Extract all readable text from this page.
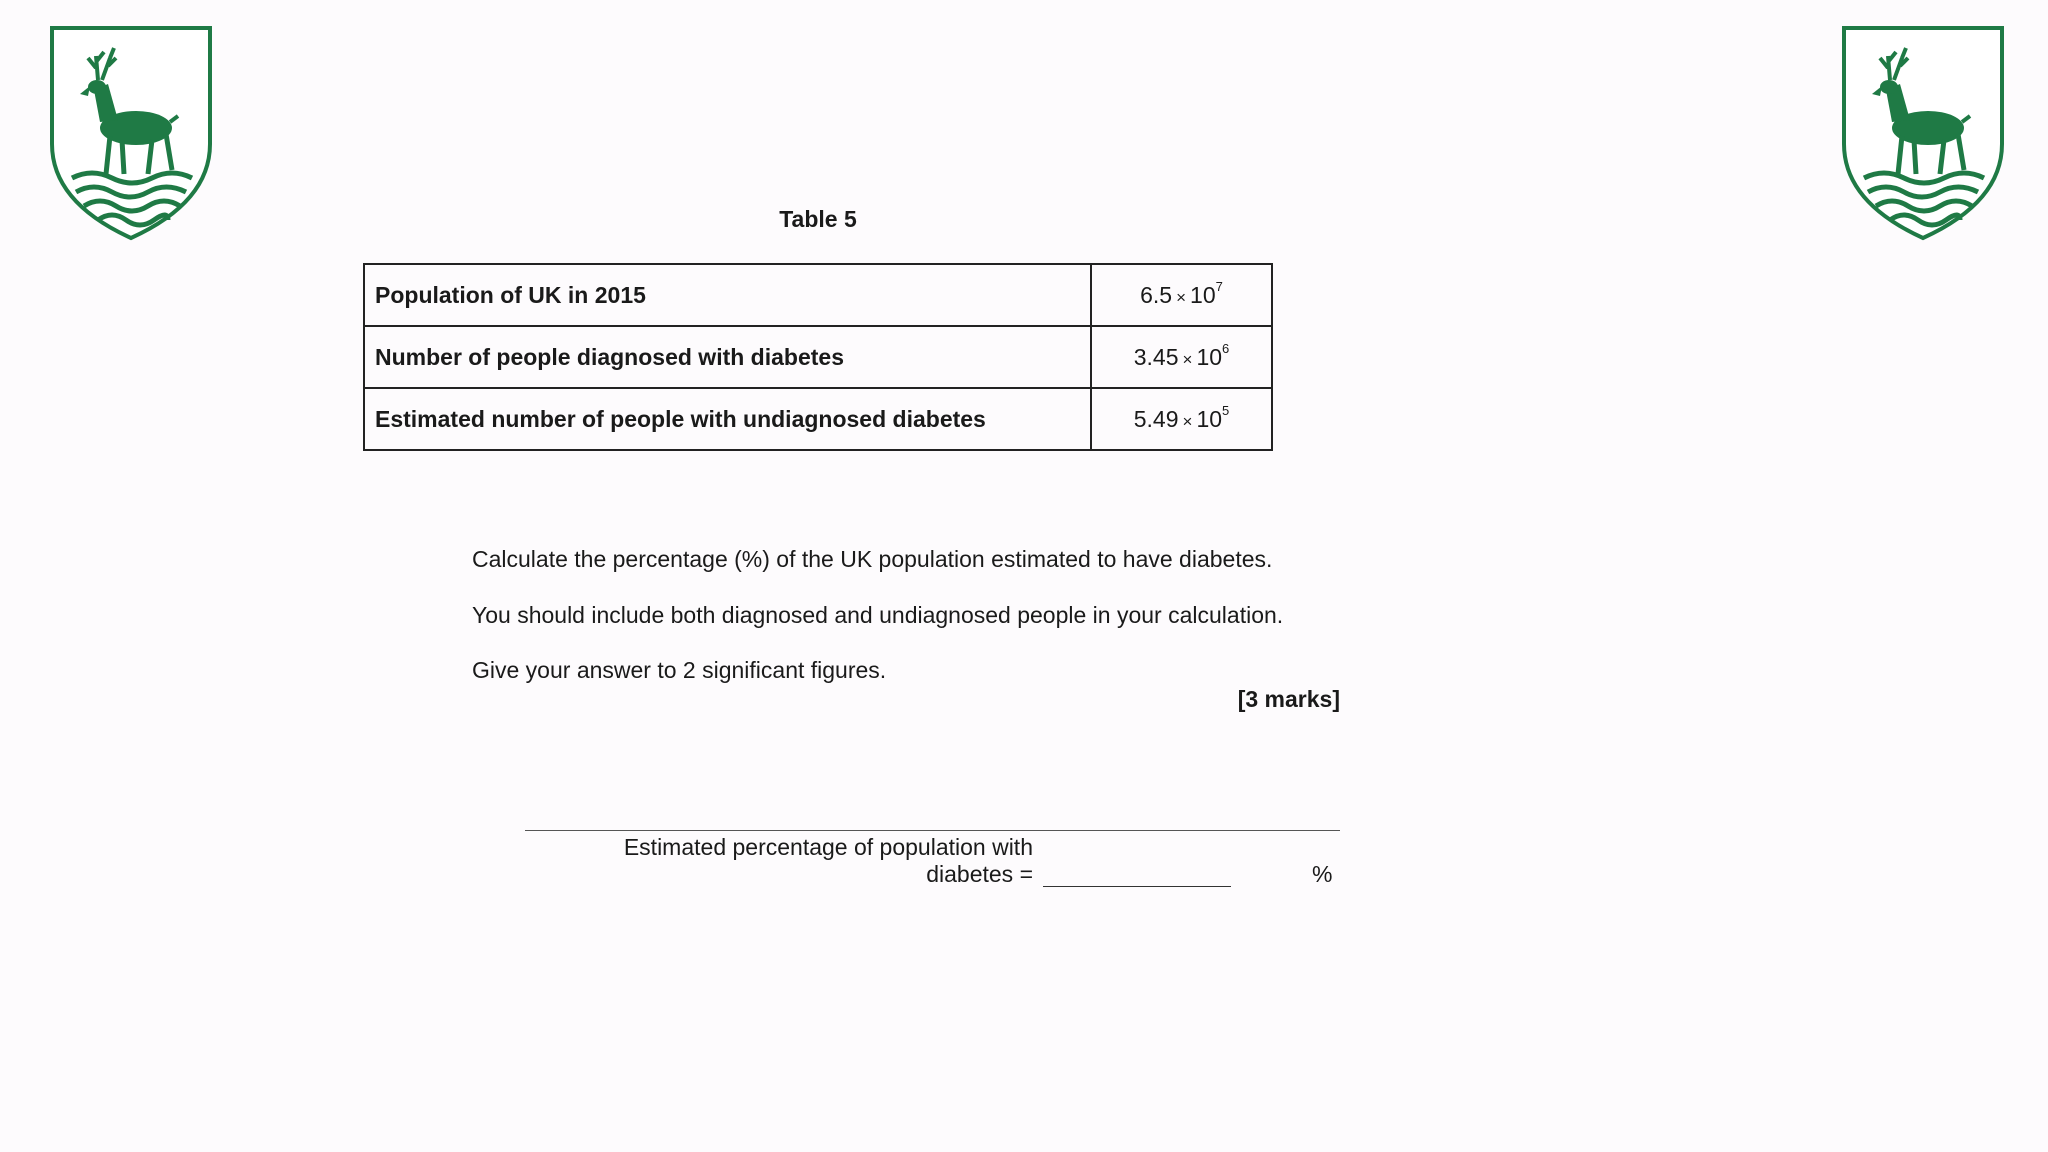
Table 5
Population of UK in 2015	$6.5 \times 10^7$
Number of people diagnosed with diabetes	$3.45 \times 10^6$
Estimated number of people with undiagnosed diabetes	$5.49 \times 10^5$
Calculate the percentage (%) of the UK population estimated to have diabetes.
You should include both diagnosed and undiagnosed people in your calculation.
Give your answer to 2 significant figures.
[3 marks]
Estimated percentage of population with
diabetes =	%
